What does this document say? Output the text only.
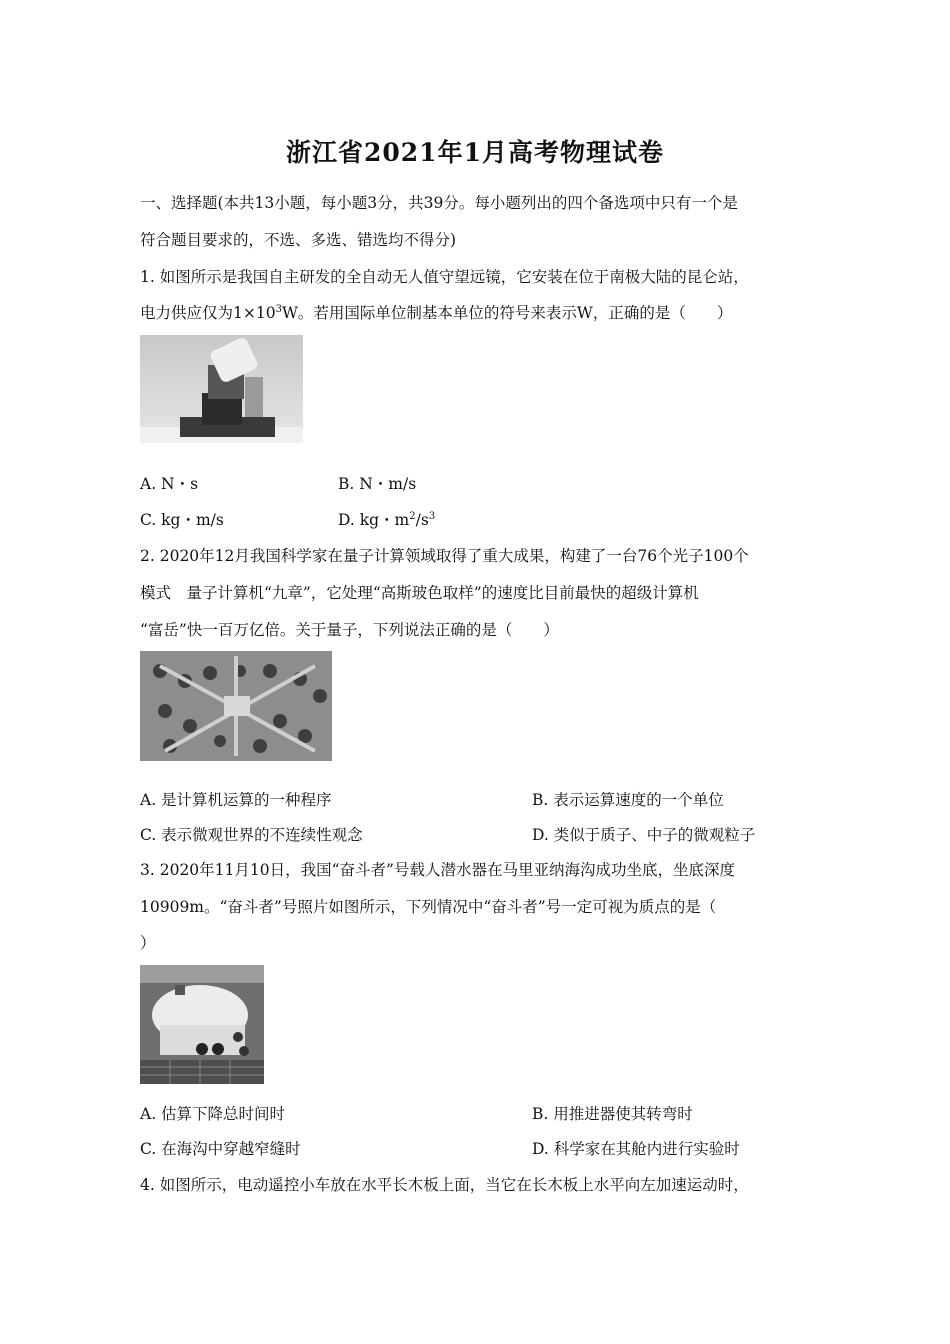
浙江省2021年1月高考物理试卷
一、选择题(本共13小题，每小题3分，共39分。每小题列出的四个备选项中只有一个是
符合题目要求的，不选、多选、错选均不得分)
1. 如图所示是我国自主研发的全自动无人值守望远镜，它安装在位于南极大陆的昆仑站，
电力供应仅为$1\times 10^3W$。若用国际单位制基本单位的符号来表示W，正确的是（　　）
A. N・s	B. N・m/s
C. kg・m/s	D. kg・$m^2/s^3$
2. 2020年12月我国科学家在量子计算领域取得了重大成果，构建了一台76个光子100个
模式　量子计算机“九章”，它处理“高斯玻色取样”的速度比目前最快的超级计算机
“富岳”快一百万亿倍。关于量子，下列说法正确的是（　　）
A. 是计算机运算的一种程序	B. 表示运算速度的一个单位
C. 表示微观世界的不连续性观念	D. 类似于质子、中子的微观粒子
3. 2020年11月10日，我国“奋斗者”号载人潜水器在马里亚纳海沟成功坐底，坐底深度
10909m。“奋斗者”号照片如图所示，下列情况中“奋斗者”号一定可视为质点的是（
）
A. 估算下降总时间时	B. 用推进器使其转弯时
C. 在海沟中穿越窄缝时	D. 科学家在其舱内进行实验时
4. 如图所示，电动遥控小车放在水平长木板上面，当它在长木板上水平向左加速运动时，
